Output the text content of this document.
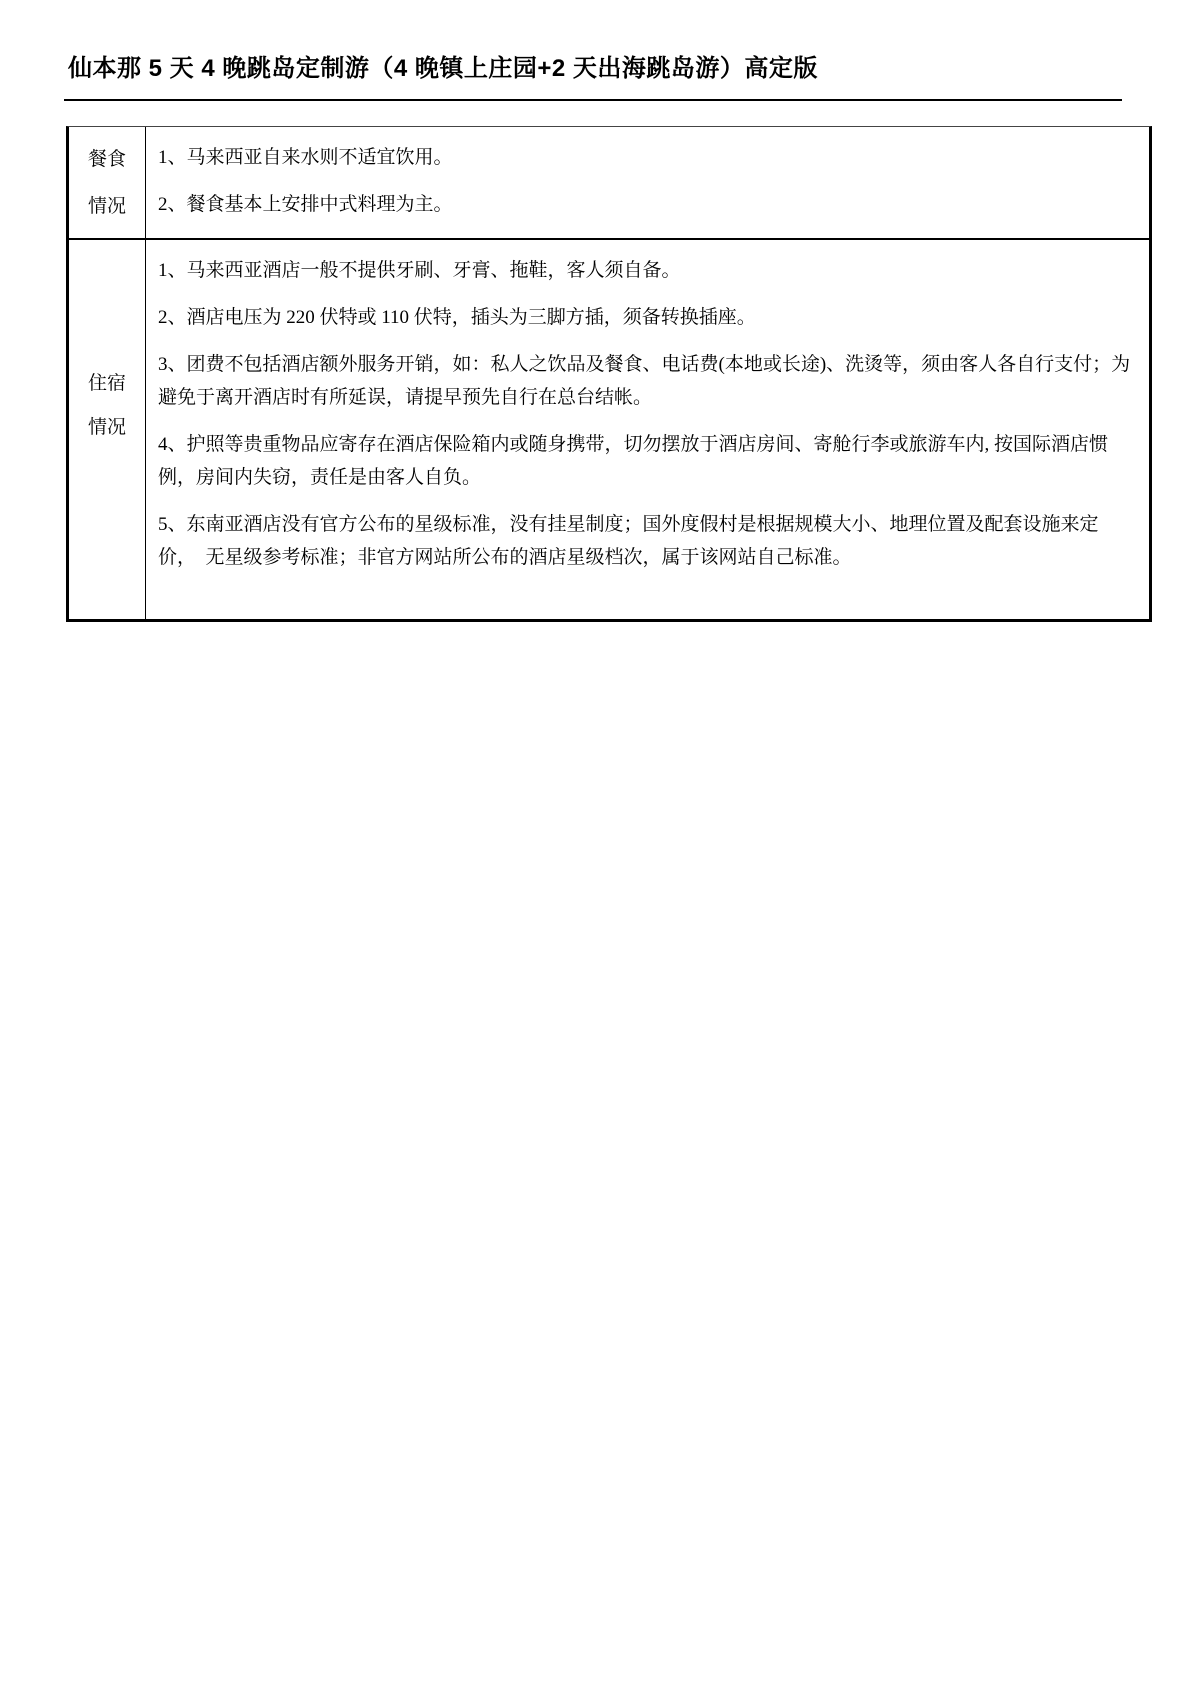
仙本那 5 天 4 晚跳岛定制游（4 晚镇上庄园+2 天出海跳岛游）高定版
餐食
情况

1、马来西亚自来水则不适宜饮用。

2、餐食基本上安排中式料理为主。

住宿
情况

1、马来西亚酒店一般不提供牙刷、牙膏、拖鞋，客人须自备。

2、酒店电压为 220 伏特或 110 伏特，插头为三脚方插，须备转换插座。

3、团费不包括酒店额外服务开销，如：私人之饮品及餐食、电话费(本地或长途)、洗烫等，须由客人各自行支付；为避免于离开酒店时有所延误，请提早预先自行在总台结帐。

4、护照等贵重物品应寄存在酒店保险箱内或随身携带，切勿摆放于酒店房间、寄舱行李或旅游车内, 按国际酒店惯例，房间内失窃，责任是由客人自负。

5、东南亚酒店没有官方公布的星级标准，没有挂星制度；国外度假村是根据规模大小、地理位置及配套设施来定价，  无星级参考标准；非官方网站所公布的酒店星级档次，属于该网站自己标准。
